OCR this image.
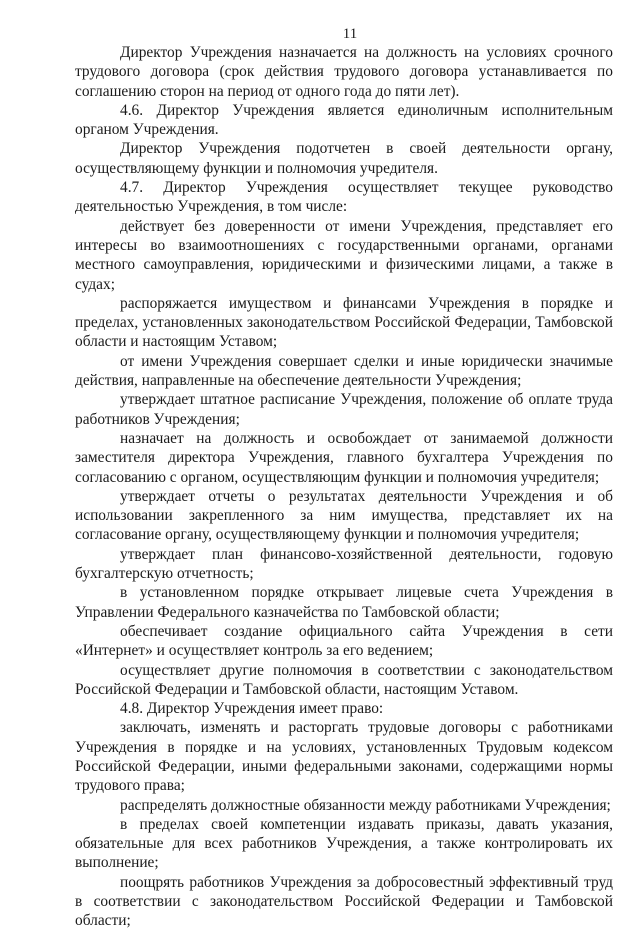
11

Директор Учреждения назначается на должность на условиях срочного трудового договора (срок действия трудового договора устанавливается по соглашению сторон на период от одного года до пяти лет).

4.6. Директор Учреждения является единоличным исполнительным органом Учреждения.

Директор Учреждения подотчетен в своей деятельности органу, осуществляющему функции и полномочия учредителя.

4.7. Директор Учреждения осуществляет текущее руководство деятельностью Учреждения, в том числе:

действует без доверенности от имени Учреждения, представляет его интересы во взаимоотношениях с государственными органами, органами местного самоуправления, юридическими и физическими лицами, а также в судах;

распоряжается имуществом и финансами Учреждения в порядке и пределах, установленных законодательством Российской Федерации, Тамбовской области и настоящим Уставом;

от имени Учреждения совершает сделки и иные юридически значимые действия, направленные на обеспечение деятельности Учреждения;

утверждает штатное расписание Учреждения, положение об оплате труда работников Учреждения;

назначает на должность и освобождает от занимаемой должности заместителя директора Учреждения, главного бухгалтера Учреждения по согласованию с органом, осуществляющим функции и полномочия учредителя;

утверждает отчеты о результатах деятельности Учреждения и об использовании закрепленного за ним имущества, представляет их на согласование органу, осуществляющему функции и полномочия учредителя;

утверждает план финансово-хозяйственной деятельности, годовую бухгалтерскую отчетность;

в установленном порядке открывает лицевые счета Учреждения в Управлении Федерального казначейства по Тамбовской области;

обеспечивает создание официального сайта Учреждения в сети «Интернет» и осуществляет контроль за его ведением;

осуществляет другие полномочия в соответствии с законодательством Российской Федерации и Тамбовской области, настоящим Уставом.

4.8. Директор Учреждения имеет право:

заключать, изменять и расторгать трудовые договоры с работниками Учреждения в порядке и на условиях, установленных Трудовым кодексом Российской Федерации, иными федеральными законами, содержащими нормы трудового права;

распределять должностные обязанности между работниками Учреждения;

в пределах своей компетенции издавать приказы, давать указания, обязательные для всех работников Учреждения, а также контролировать их выполнение;

поощрять работников Учреждения за добросовестный эффективный труд в соответствии с законодательством Российской Федерации и Тамбовской области;
